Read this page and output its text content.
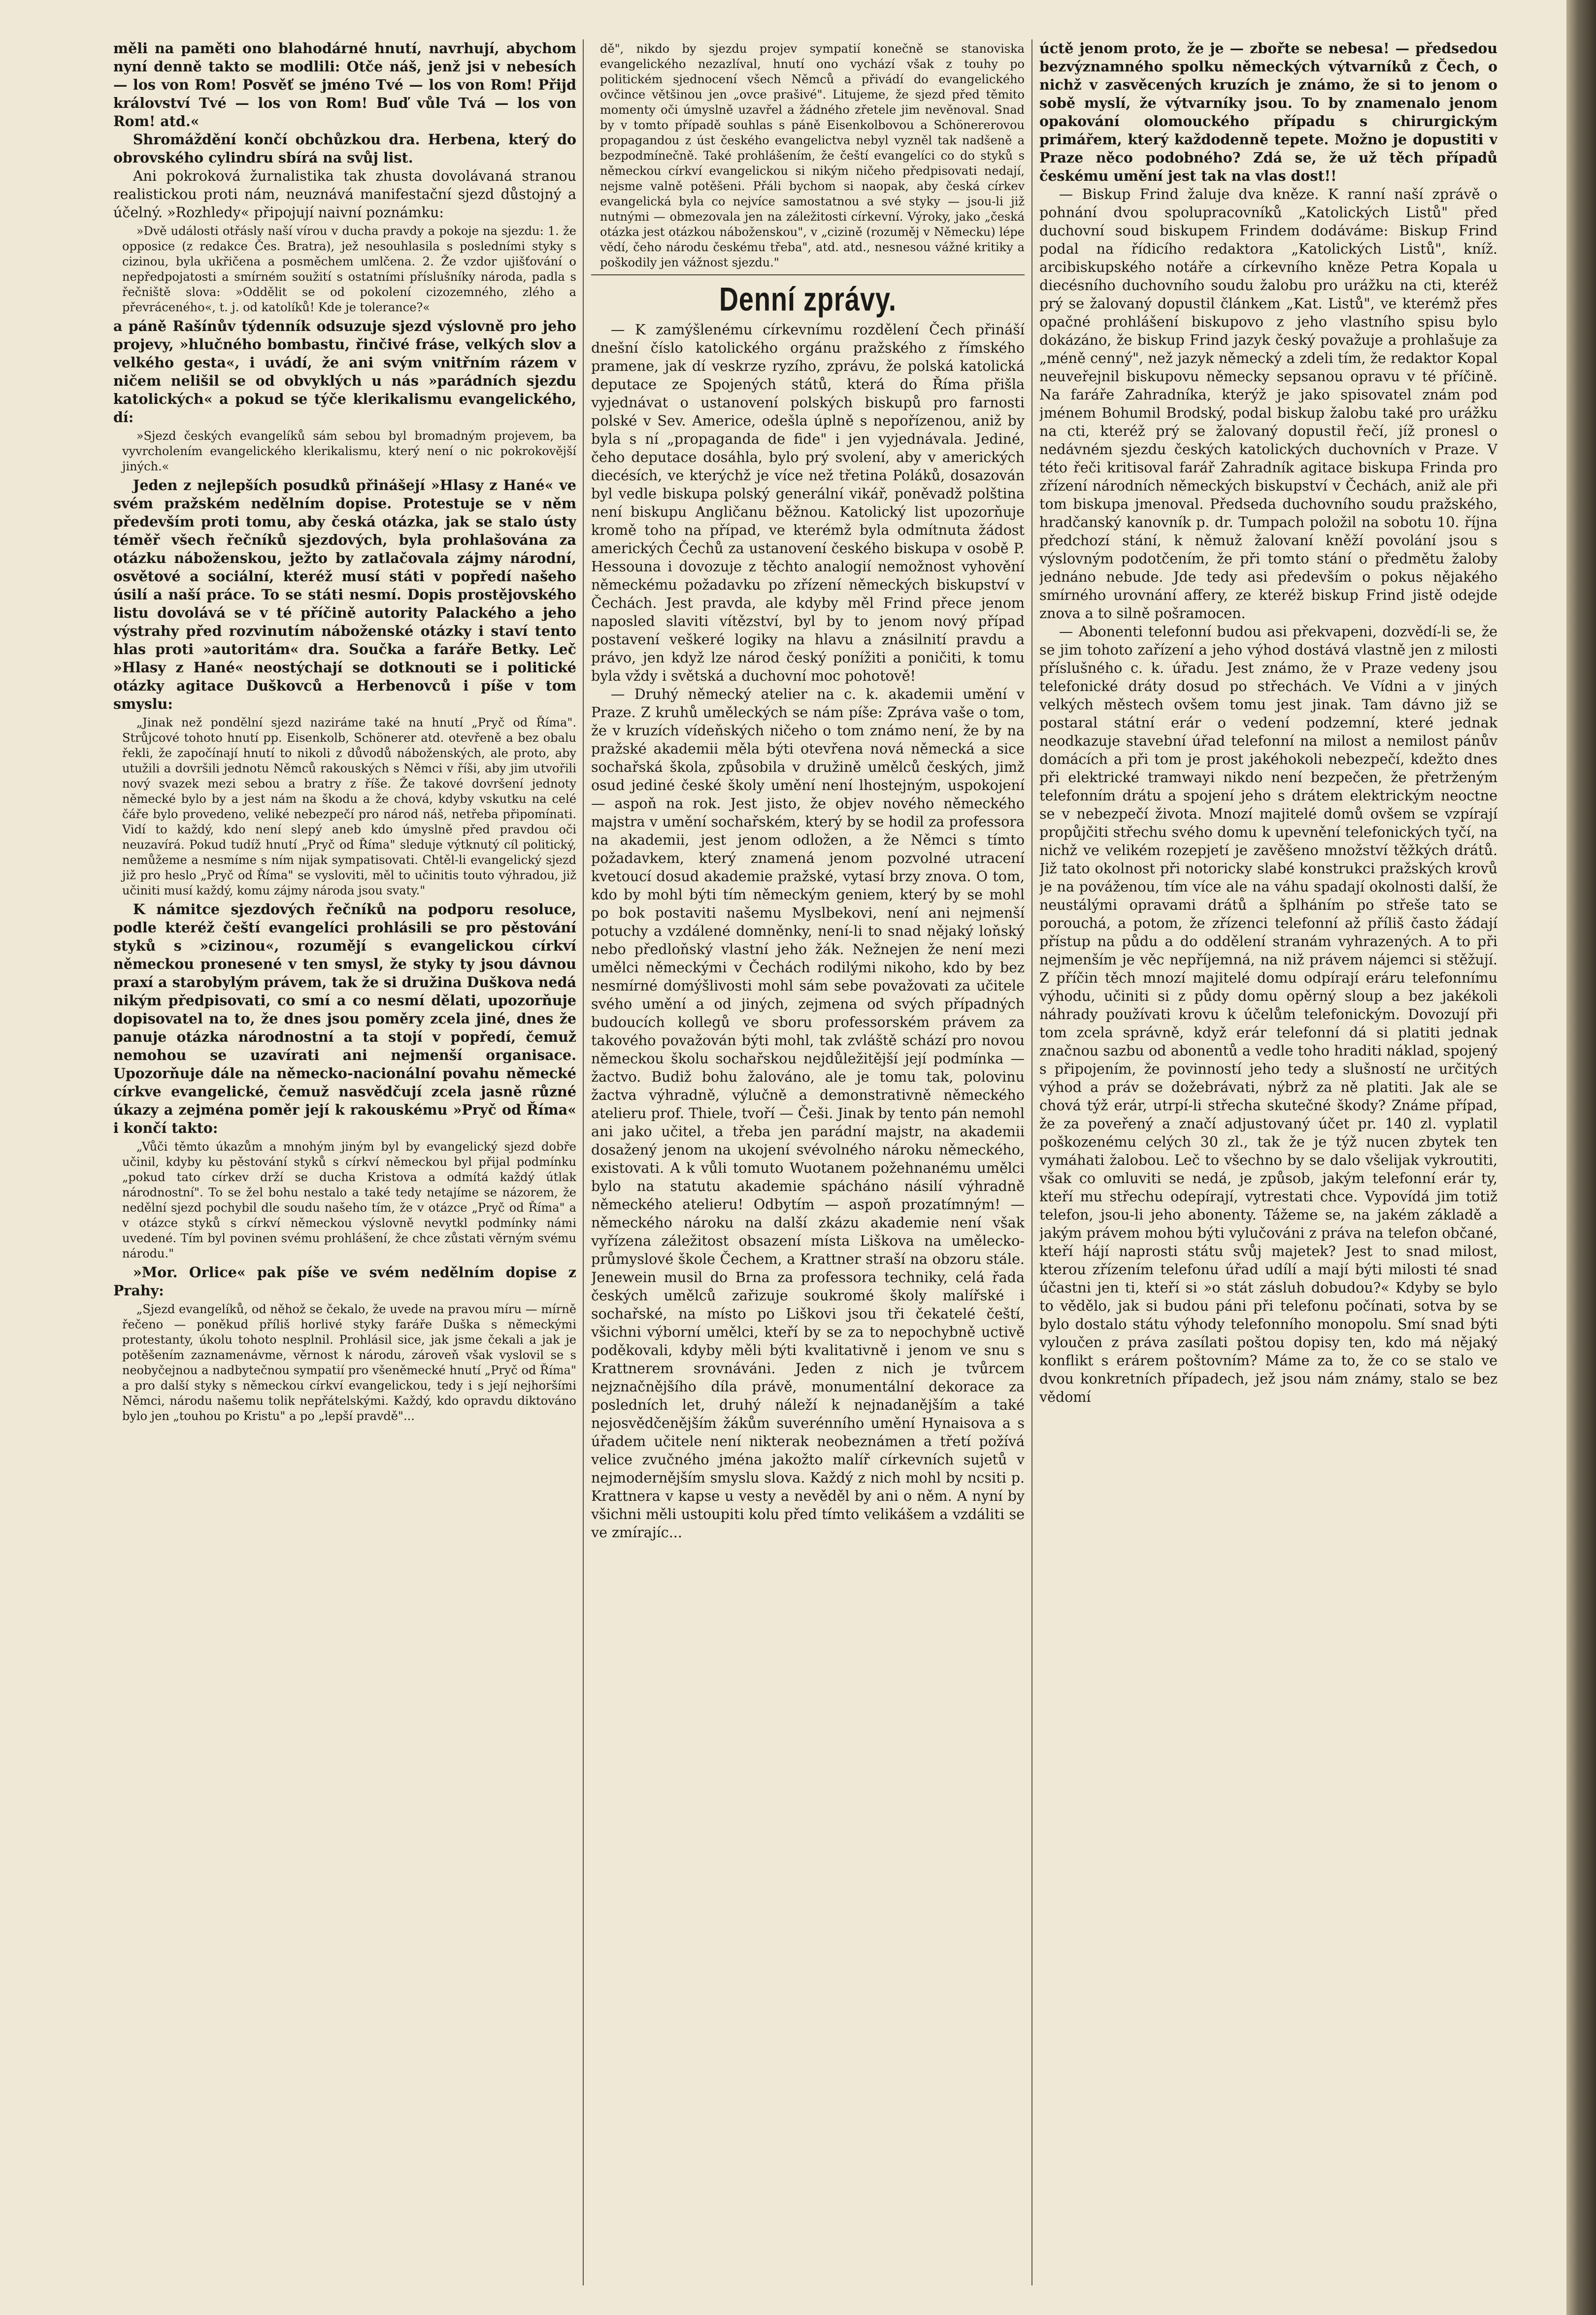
měli na paměti ono blahodárné hnutí, navrhují, abychom nyní denně takto se modlili: Otče náš, jenž jsi v nebesích — los von Rom! Posvěť se jméno Tvé — los von Rom! Přijď království Tvé — los von Rom! Buď vůle Tvá — los von Rom! atd.«

Shromáždění končí obchůzkou dra. Herbena, který do obrovského cylindru sbírá na svůj list.

Ani pokroková žurnalistika tak zhusta dovolávaná stranou realistickou proti nám, neuznává manifestační sjezd důstojný a účelný. »Rozhledy« připojují naivní poznámku:

»Dvě události otřásly naší vírou v ducha pravdy a pokoje na sjezdu: 1. že opposice (z redakce Čes. Bratra), jež nesouhlasila s posledními styky s cizinou, byla ukřičena a posměchem umlčena. 2. Že vzdor ujišťování o nepředpojatosti a smírném soužití s ostatními příslušníky národa, padla s řečniště slova: »Oddělit se od pokolení cizozemného, zlého a převráceného«, t. j. od katolíků! Kde je tolerance?«

a páně Rašínův týdenník odsuzuje sjezd výslovně pro jeho projevy, »hlučného bombastu, řinčivé fráse, velkých slov a velkého gesta«, i uvádí, že ani svým vnitřním rázem v ničem nelišil se od obvyklých u nás »parádních sjezdu katolických« a pokud se týče klerikalismu evangelického, dí:

»Sjezd českých evangelíků sám sebou byl bromadným projevem, ba vyvrcholením evangelického klerikalismu, který není o nic pokrokovější jiných.«

Jeden z nejlepších posudků přinášejí »Hlasy z Hané« ve svém pražském nedělním dopise. Protestuje se v něm především proti tomu, aby česká otázka, jak se stalo ústy téměř všech řečníků sjezdových, byla prohlašována za otázku náboženskou, ježto by zatlačovala zájmy národní, osvětové a sociální, kteréž musí státi v popředí našeho úsilí a naší práce. To se státi nesmí. Dopis prostějovského listu dovolává se v té příčině autority Palackého a jeho výstrahy před rozvinutím náboženské otázky i staví tento hlas proti »autoritám« dra. Součka a faráře Betky. Leč »Hlasy z Hané« neostýchají se dotknouti se i politické otázky agitace Duškovců a Herbenovců i píše v tom smyslu:

„Jinak než pondělní sjezd naziráme také na hnutí „Pryč od Říma". Strůjcové tohoto hnutí pp. Eisenkolb, Schönerer atd. otevřeně a bez obalu řekli, že započínají hnutí to nikoli z důvodů náboženských, ale proto, aby utužili a dovršili jednotu Němců rakouských s Němci v říši, aby jim utvořili nový svazek mezi sebou a bratry z říše. Že takové dovršení jednoty německé bylo by a jest nám na škodu a že chová, kdyby vskutku na celé čáře bylo provedeno, veliké nebezpečí pro národ náš, netřeba připomínati. Vidí to každý, kdo není slepý aneb kdo úmyslně před pravdou oči neuzavírá. Pokud tudíž hnutí „Pryč od Říma" sleduje výtknutý cíl politický, nemůžeme a nesmíme s ním nijak sympatisovati. Chtěl-li evangelický sjezd již pro heslo „Pryč od Říma" se vysloviti, měl to učinitis touto výhradou, již učiniti musí každý, komu zájmy národa jsou svaty."

K námitce sjezdových řečníků na podporu resoluce, podle kteréž čeští evangelíci prohlásili se pro pěstování styků s »cizinou«, rozumějí s evangelickou církví německou pronesené v ten smysl, že styky ty jsou dávnou praxí a starobylým právem, tak že si družina Duškova nedá nikým předpisovati, co smí a co nesmí dělati, upozorňuje dopisovatel na to, že dnes jsou poměry zcela jiné, dnes že panuje otázka národnostní a ta stojí v popředí, čemuž nemohou se uzavírati ani nejmenší organisace. Upozorňuje dále na německo-nacionální povahu německé církve evangelické, čemuž nasvědčují zcela jasně různé úkazy a zejména poměr její k rakouskému »Pryč od Říma« i končí takto:

„Vůči těmto úkazům a mnohým jiným byl by evangelický sjezd dobře učinil, kdyby ku pěstování styků s církví německou byl přijal podmínku „pokud tato církev drží se ducha Kristova a odmítá každý útlak národnostní". To se žel bohu nestalo a také tedy netajíme se názorem, že nedělní sjezd pochybil dle soudu našeho tím, že v otázce „Pryč od Říma" a v otázce styků s církví německou výslovně nevytkl podmínky námi uvedené. Tím byl povinen svému prohlášení, že chce zůstati věrným svému národu."

»Mor. Orlice« pak píše ve svém nedělním dopise z Prahy:

„Sjezd evangelíků, od něhož se čekalo, že uvede na pravou míru — mírně řečeno — poněkud příliš horlivé styky faráře Duška s německými protestanty, úkolu tohoto nesplnil. Prohlásil sice, jak jsme čekali a jak je potěšením zaznamenávme, věrnost k národu, zároveň však vyslovil se s neobyčejnou a nadbytečnou sympatií pro všeněmecké hnutí „Pryč od Říma" a pro další styky s německou církví evangelickou, tedy i s její nejhoršími Němci, národu našemu tolik nepřátelskými. Každý, kdo opravdu diktováno bylo jen „touhou po Kristu" a po „lepší pravdě"...

dě", nikdo by sjezdu projev sympatií konečně se stanoviska evangelického nezazlíval, hnutí ono vychází však z touhy po politickém sjednocení všech Němců a přivádí do evangelického ovčince většinou jen „ovce prašivé". Litujeme, že sjezd před těmito momenty oči úmyslně uzavřel a žádného zřetele jim nevěnoval. Snad by v tomto případě souhlas s páně Eisenkolbovou a Schönererovou propagandou z úst českého evangelictva nebyl vyzněl tak nadšeně a bezpodmínečně. Také prohlášením, že čeští evangelíci co do styků s německou církví evangelickou si nikým ničeho předpisovati nedají, nejsme valně potěšeni. Přáli bychom si naopak, aby česká církev evangelická byla co nejvíce samostatnou a své styky — jsou-li již nutnými — obmezovala jen na záležitosti církevní. Výroky, jako „česká otázka jest otázkou náboženskou", v „cizině (rozuměj v Německu) lépe vědí, čeho národu českému třeba", atd. atd., nesnesou vážné kritiky a poškodily jen vážnost sjezdu."

Denní zprávy.

— K zamýšlenému církevnímu rozdělení Čech přináší dnešní číslo katolického orgánu pražského z římského pramene, jak dí veskrze ryzího, zprávu, že polská katolická deputace ze Spojených států, která do Říma přišla vyjednávat o ustanovení polských biskupů pro farnosti polské v Sev. Americe, odešla úplně s nepořízenou, aniž by byla s ní „propaganda de fide" i jen vyjednávala. Jediné, čeho deputace dosáhla, bylo prý svolení, aby v amerických diecésích, ve kterýchž je více než třetina Poláků, dosazován byl vedle biskupa polský generální vikář, poněvadž polština není biskupu Angličanu běžnou. Katolický list upozorňuje kromě toho na případ, ve kterémž byla odmítnuta žádost amerických Čechů za ustanovení českého biskupa v osobě P. Hessouna i dovozuje z těchto analogií nemožnost vyhovění německému požadavku po zřízení německých biskupství v Čechách. Jest pravda, ale kdyby měl Frind přece jenom naposled slaviti vítězství, byl by to jenom nový případ postavení veškeré logiky na hlavu a znásilnití pravdu a právo, jen když lze národ český ponížiti a poničiti, k tomu byla vždy i světská a duchovní moc pohotově!

— Druhý německý atelier na c. k. akademii umění v Praze. Z kruhů uměleckých se nám píše: Zpráva vaše o tom, že v kruzích vídeňských ničeho o tom známo není, že by na pražské akademii měla býti otevřena nová německá a sice sochařská škola, způsobila v družině umělců českých, jimž osud jediné české školy umění není lhostejným, uspokojení — aspoň na rok. Jest jisto, že objev nového německého majstra v umění sochařském, který by se hodil za professora na akademii, jest jenom odložen, a že Němci s tímto požadavkem, který znamená jenom pozvolné utracení kvetoucí dosud akademie pražské, vytasí brzy znova. O tom, kdo by mohl býti tím německým geniem, který by se mohl po bok postaviti našemu Myslbekovi, není ani nejmenší potuchy a vzdálené domněnky, není-li to snad nějaký loňský nebo předloňský vlastní jeho žák. Nežnejen že není mezi umělci německými v Čechách rodilými nikoho, kdo by bez nesmírné domýšlivosti mohl sám sebe považovati za učitele svého umění a od jiných, zejmena od svých případných budoucích kollegů ve sboru professorském právem za takového považován býti mohl, tak zvláště schází pro novou německou školu sochařskou nejdůležitější její podmínka — žactvo. Budiž bohu žalováno, ale je tomu tak, polovinu žactva výhradně, výlučně a demonstrativně německého atelieru prof. Thiele, tvoří — Češi. Jinak by tento pán nemohl ani jako učitel, a třeba jen parádní majstr, na akademii dosažený jenom na ukojení svévolného nároku německého, existovati. A k vůli tomuto Wuotanem požehnanému umělci bylo na statutu akademie spácháno násilí výhradně německého atelieru! Odbytím — aspoň prozatímným! — německého nároku na další zkázu akademie není však vyřízena záležitost obsazení místa Liškova na umělecko-průmyslové škole Čechem, a Krattner straší na obzoru stále. Jenewein musil do Brna za professora techniky, celá řada českých umělců zařizuje soukromé školy malířské i sochařské, na místo po Liškovi jsou tři čekatelé čeští, všichni výborní umělci, kteří by se za to nepochybně uctivě poděkovali, kdyby měli býti kvalitativně i jenom ve snu s Krattnerem srovnáváni. Jeden z nich je tvůrcem nejznačnějšího díla právě, monumentální dekorace za posledních let, druhý náleží k nejnadanějším a také nejosvědčenějším žákům suverénního umění Hynaisova a s úřadem učitele není nikterak neobeznámen a třetí požívá velice zvučného jména jakožto malíř církevních sujetů v nejmodernějším smyslu slova. Každý z nich mohl by ncsiti p. Krattnera v kapse u vesty a nevěděl by ani o něm. A nyní by všichni měli ustoupiti kolu před tímto velikášem a vzdáliti se ve zmírajíc...

úctě jenom proto, že je — zbořte se nebesa! — předsedou bezvýznamného spolku německých výtvarníků z Čech, o nichž v zasvěcených kruzích je známo, že si to jenom o sobě myslí, že výtvarníky jsou. To by znamenalo jenom opakování olomouckého případu s chirurgickým primářem, který každodenně tepete. Možno je dopustiti v Praze něco podobného? Zdá se, že už těch případů českému umění jest tak na vlas dost!!

— Biskup Frind žaluje dva kněze. K ranní naší zprávě o pohnání dvou spolupracovníků „Katolických Listů" před duchovní soud biskupem Frindem dodáváme: Biskup Frind podal na řídicího redaktora „Katolických Listů", kníž. arcibiskupského notáře a církevního kněze Petra Kopala u diecésního duchovního soudu žalobu pro urážku na cti, kteréž prý se žalovaný dopustil článkem „Kat. Listů", ve kterémž přes opačné prohlášení biskupovo z jeho vlastního spisu bylo dokázáno, že biskup Frind jazyk český považuje a prohlašuje za „méně cenný", než jazyk německý a zdeli tím, že redaktor Kopal neuveřejnil biskupovu německy sepsanou opravu v té příčině. Na faráře Zahradníka, kterýž je jako spisovatel znám pod jménem Bohumil Brodský, podal biskup žalobu také pro urážku na cti, kteréž prý se žalovaný dopustil řečí, jíž pronesl o nedávném sjezdu českých katolických duchovních v Praze. V této řeči kritisoval farář Zahradník agitace biskupa Frinda pro zřízení národních německých biskupství v Čechách, aniž ale při tom biskupa jmenoval. Předseda duchovního soudu pražského, hradčanský kanovník p. dr. Tumpach položil na sobotu 10. října předchozí stání, k němuž žalovaní kněží povolání jsou s výslovným podotčením, že při tomto stání o předmětu žaloby jednáno nebude. Jde tedy asi především o pokus nějakého smírného urovnání affery, ze kteréž biskup Frind jistě odejde znova a to silně pošramocen.

— Abonenti telefonní budou asi překvapeni, dozvědí-li se, že se jim tohoto zařízení a jeho výhod dostává vlastně jen z milosti příslušného c. k. úřadu. Jest známo, že v Praze vedeny jsou telefonické dráty dosud po střechách. Ve Vídni a v jiných velkých městech ovšem tomu jest jinak. Tam dávno již se postaral státní erár o vedení podzemní, které jednak neodkazuje stavební úřad telefonní na milost a nemilost pánův domácích a při tom je prost jakéhokoli nebezpečí, kdežto dnes při elektrické tramwayi nikdo není bezpečen, že přetrženým telefonním drátu a spojení jeho s drátem elektrickým neoctne se v nebezpečí života. Mnozí majitelé domů ovšem se vzpírají propůjčiti střechu svého domu k upevnění telefonických tyčí, na nichž ve velikém rozepjetí je zavěšeno množství těžkých drátů. Již tato okolnost při notoricky slabé konstrukci pražských krovů je na pováženou, tím více ale na váhu spadají okolnosti další, že neustálými opravami drátů a šplháním po střeše tato se porouchá, a potom, že zřízenci telefonní až příliš často žádají přístup na půdu a do oddělení stranám vyhrazených. A to při nejmenším je věc nepříjemná, na niž právem nájemci si stěžují. Z příčin těch mnozí majitelé domu odpírají eráru telefonnímu výhodu, učiniti si z půdy domu opěrný sloup a bez jakékoli náhrady používati krovu k účelům telefonickým. Dovozují při tom zcela správně, když erár telefonní dá si platiti jednak značnou sazbu od abonentů a vedle toho hraditi náklad, spojený s připojením, že povinností jeho tedy a slušností ne určitých výhod a práv se dožebrávati, nýbrž za ně platiti. Jak ale se chová týž erár, utrpí-li střecha skutečné škody? Známe případ, že za poveřený a značí adjustovaný účet pr. 140 zl. vyplatil poškozenému celých 30 zl., tak že je týž nucen zbytek ten vymáhati žalobou. Leč to všechno by se dalo všelijak vykroutiti, však co omluviti se nedá, je způsob, jakým telefonní erár ty, kteří mu střechu odepírají, vytrestati chce. Vypovídá jim totiž telefon, jsou-li jeho abonenty. Tážeme se, na jakém základě a jakým právem mohou býti vylučováni z práva na telefon občané, kteří hájí naprosti státu svůj majetek? Jest to snad milost, kterou zřízením telefonu úřad udílí a mají býti milosti té snad účastni jen ti, kteří si »o stát zásluh dobudou?« Kdyby se bylo to vědělo, jak si budou páni při telefonu počínati, sotva by se bylo dostalo státu výhody telefonního monopolu. Smí snad býti vyloučen z práva zasílati poštou dopisy ten, kdo má nějaký konflikt s erárem poštovním? Máme za to, že co se stalo ve dvou konkretních případech, jež jsou nám známy, stalo se bez vědomí
